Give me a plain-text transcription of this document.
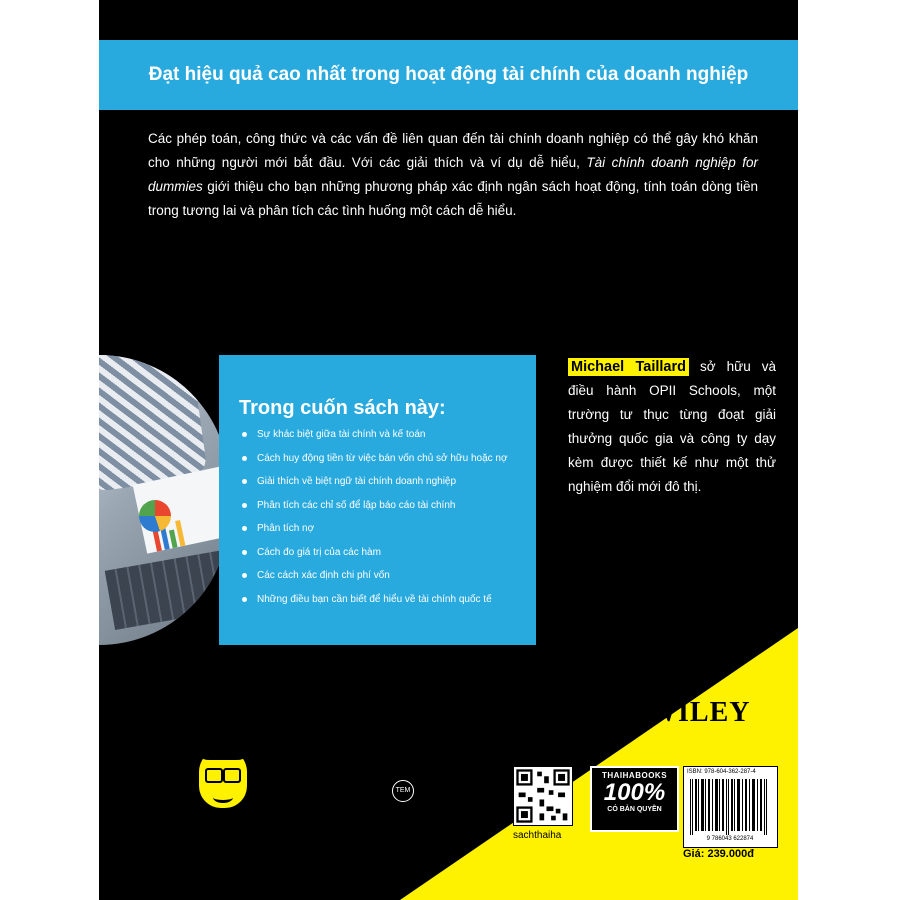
Đạt hiệu quả cao nhất trong hoạt động tài chính của doanh nghiệp
Các phép toán, công thức và các vấn đề liên quan đến tài chính doanh nghiệp có thể gây khó khăn cho những người mới bắt đầu. Với các giải thích và ví dụ dễ hiểu, Tài chính doanh nghiệp for dummies giới thiệu cho bạn những phương pháp xác định ngân sách hoạt động, tính toán dòng tiền trong tương lai và phân tích các tình huống một cách dễ hiểu.
Trong cuốn sách này:
Sự khác biệt giữa tài chính và kế toán
Cách huy động tiền từ việc bán vốn chủ sở hữu hoặc nợ
Giải thích về biệt ngữ tài chính doanh nghiệp
Phân tích các chỉ số để lập báo cáo tài chính
Phân tích nợ
Cách đo giá trị của các hàm
Các cách xác định chi phí vốn
Những điều bạn cần biết để hiểu về tài chính quốc tế
Michael Taillard sở hữu và điều hành OPII Schools, một trường tư thục từng đoạt giải thưởng quốc gia và công ty dạy kèm được thiết kế như một thử nghiệm đổi mới đô thị.
WILEY
TEM
for
dummies®
A Wiley Brand
sachthaiha
THAIHABOOKS
100%
CÓ BẢN QUYỀN
ISBN: 978-604-362-287-4
9 786043 622874
Giá: 239.000đ
